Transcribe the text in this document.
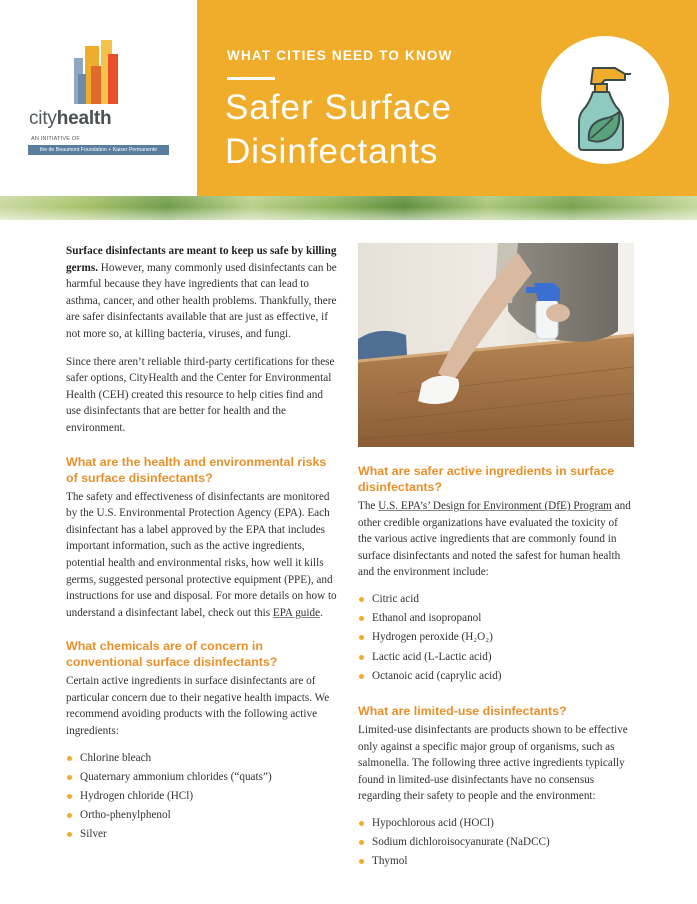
cityhealth
AN INITIATIVE OF
the de Beaumont Foundation + Kaiser Permanente
WHAT CITIES NEED TO KNOW
Safer Surface
Disinfectants

Surface disinfectants are meant to keep us safe by killing germs. However, many commonly used disinfectants can be harmful because they have ingredients that can lead to asthma, cancer, and other health problems. Thankfully, there are safer disinfectants available that are just as effective, if not more so, at killing bacteria, viruses, and fungi.

Since there aren’t reliable third-party certifications for these safer options, CityHealth and the Center for Environmental Health (CEH) created this resource to help cities find and use disinfectants that are better for health and the environment.

What are the health and environmental risks of surface disinfectants?

The safety and effectiveness of disinfectants are monitored by the U.S. Environmental Protection Agency (EPA). Each disinfectant has a label approved by the EPA that includes important information, such as the active ingredients, potential health and environmental risks, how well it kills germs, suggested personal protective equipment (PPE), and instructions for use and disposal. For more details on how to understand a disinfectant label, check out this EPA guide.

What chemicals are of concern in conventional surface disinfectants?

Certain active ingredients in surface disinfectants are of particular concern due to their negative health impacts. We recommend avoiding products with the following active ingredients:

Chlorine bleach
Quaternary ammonium chlorides (“quats”)
Hydrogen chloride (HCl)
Ortho-phenylphenol
Silver
What are safer active ingredients in surface disinfectants?

The U.S. EPA’s’ Design for Environment (DfE) Program and other credible organizations have evaluated the toxicity of the various active ingredients that are commonly found in surface disinfectants and noted the safest for human health and the environment include:

Citric acid
Ethanol and isopropanol
Hydrogen peroxide (H₂O₂)
Lactic acid (L-Lactic acid)
Octanoic acid (caprylic acid)
What are limited-use disinfectants?

Limited-use disinfectants are products shown to be effective only against a specific major group of organisms, such as salmonella. The following three active ingredients typically found in limited-use disinfectants have no consensus regarding their safety to people and the environment:

Hypochlorous acid (HOCl)
Sodium dichloroisocyanurate (NaDCC)
Thymol
